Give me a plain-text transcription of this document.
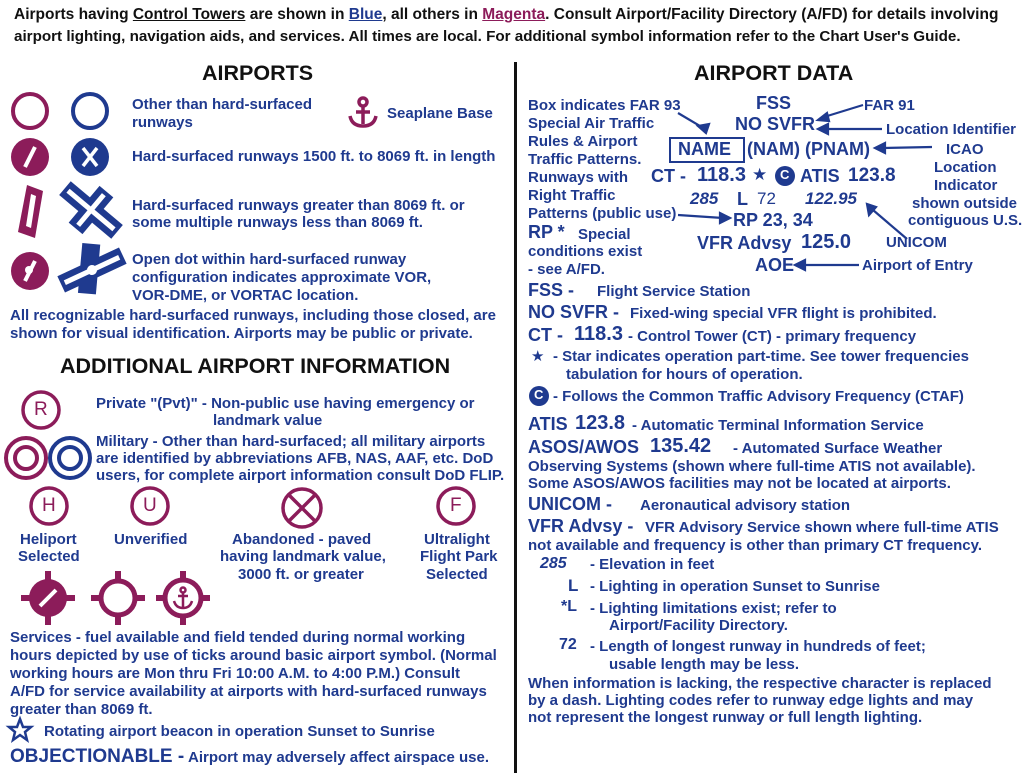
Airports having Control Towers are shown in Blue, all others in Magenta. Consult Airport/Facility Directory (A/FD) for details involving
airport lighting, navigation aids, and services. All times are local. For additional symbol information refer to the Chart User's Guide.
AIRPORTS
Other than hard-surfaced
runways
Seaplane Base
Hard-surfaced runways 1500 ft. to 8069 ft. in length
Hard-surfaced runways greater than 8069 ft. or
some multiple runways less than 8069 ft.
Open dot within hard-surfaced runway
configuration indicates approximate VOR,
VOR-DME, or VORTAC location.
All recognizable hard-surfaced runways, including those closed, are
shown for visual identification. Airports may be public or private.
ADDITIONAL AIRPORT INFORMATION
R	Private "(Pvt)" - Non-public use having emergency or
landmark value
Military - Other than hard-surfaced; all military airports
are identified by abbreviations AFB, NAS, AAF, etc. DoD
users, for complete airport information consult DoD FLIP.
H	U	F
Heliport
Selected
Unverified	Abandoned - paved
having landmark value,
3000 ft. or greater
Ultralight
Flight Park
Selected
Services - fuel available and field tended during normal working
hours depicted by use of ticks around basic airport symbol. (Normal
working hours are Mon thru Fri 10:00 A.M. to 4:00 P.M.) Consult
A/FD for service availability at airports with hard-surfaced runways
greater than 8069 ft.
Rotating airport beacon in operation Sunset to Sunrise
OBJECTIONABLE - Airport may adversely affect airspace use.
AIRPORT DATA
Box indicates FAR 93
Special Air Traffic
Rules & Airport
Traffic Patterns.
Runways with
Right Traffic
Patterns (public use)
RP * Special
conditions exist
- see A/FD.
FSS
NO SVFR
NAME (NAM) (PNAM)
CT - 118.3 ★ C ATIS 123.8
285 L 72 122.95
RP 23, 34
VFR Advsy 125.0
AOE
FAR 91
Location Identifier
ICAO
Location
Indicator
shown outside
contiguous U.S.
UNICOM
Airport of Entry
FSS - Flight Service Station
NO SVFR - Fixed-wing special VFR flight is prohibited.
CT - 118.3 - Control Tower (CT) - primary frequency
★ - Star indicates operation part-time. See tower frequencies
tabulation for hours of operation.
C - Follows the Common Traffic Advisory Frequency (CTAF)
ATIS 123.8 - Automatic Terminal Information Service
ASOS/AWOS 135.42 - Automated Surface Weather
Observing Systems (shown where full-time ATIS not available).
Some ASOS/AWOS facilities may not be located at airports.
UNICOM - Aeronautical advisory station
VFR Advsy - VFR Advisory Service shown where full-time ATIS
not available and frequency is other than primary CT frequency.
285 - Elevation in feet
L - Lighting in operation Sunset to Sunrise
*L - Lighting limitations exist; refer to
Airport/Facility Directory.
72 - Length of longest runway in hundreds of feet;
usable length may be less.
When information is lacking, the respective character is replaced
by a dash. Lighting codes refer to runway edge lights and may
not represent the longest runway or full length lighting.
